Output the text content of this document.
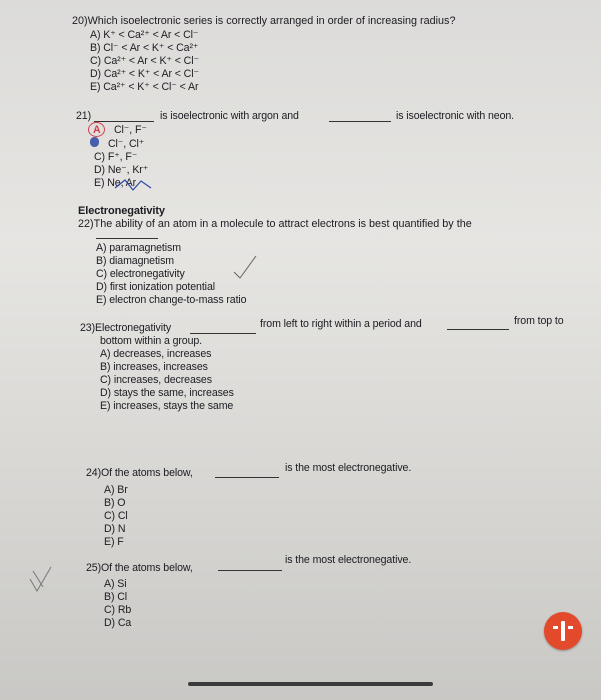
20)Which isoelectronic series is correctly arranged in order of increasing radius?
A) K⁺ < Ca²⁺ < Ar < Cl⁻
B) Cl⁻ < Ar < K⁺ < Ca²⁺
C) Ca²⁺ < Ar < K⁺ < Cl⁻
D) Ca²⁺ < K⁺ < Ar < Cl⁻
E) Ca²⁺ < K⁺ < Cl⁻ < Ar
21)	is isoelectronic with argon and	is isoelectronic with neon.
A Cl⁻, F⁻
Cl⁻, Cl⁺
C) F⁺, F⁻
D) Ne⁻, Kr⁺
E) Ne, Ar
Electronegativity
22)The ability of an atom in a molecule to attract electrons is best quantified by the
A) paramagnetism
B) diamagnetism
C) electronegativity
D) first ionization potential
E) electron change-to-mass ratio
23)Electronegativity	from left to right within a period and	from top to
bottom within a group.
A) decreases, increases
B) increases, increases
C) increases, decreases
D) stays the same, increases
E) increases, stays the same
24)Of the atoms below,	is the most electronegative.
A) Br
B) O
C) Cl
D) N
E) F
25)Of the atoms below,
is the most electronegative.
A) Si
B) Cl
C) Rb
D) Ca
